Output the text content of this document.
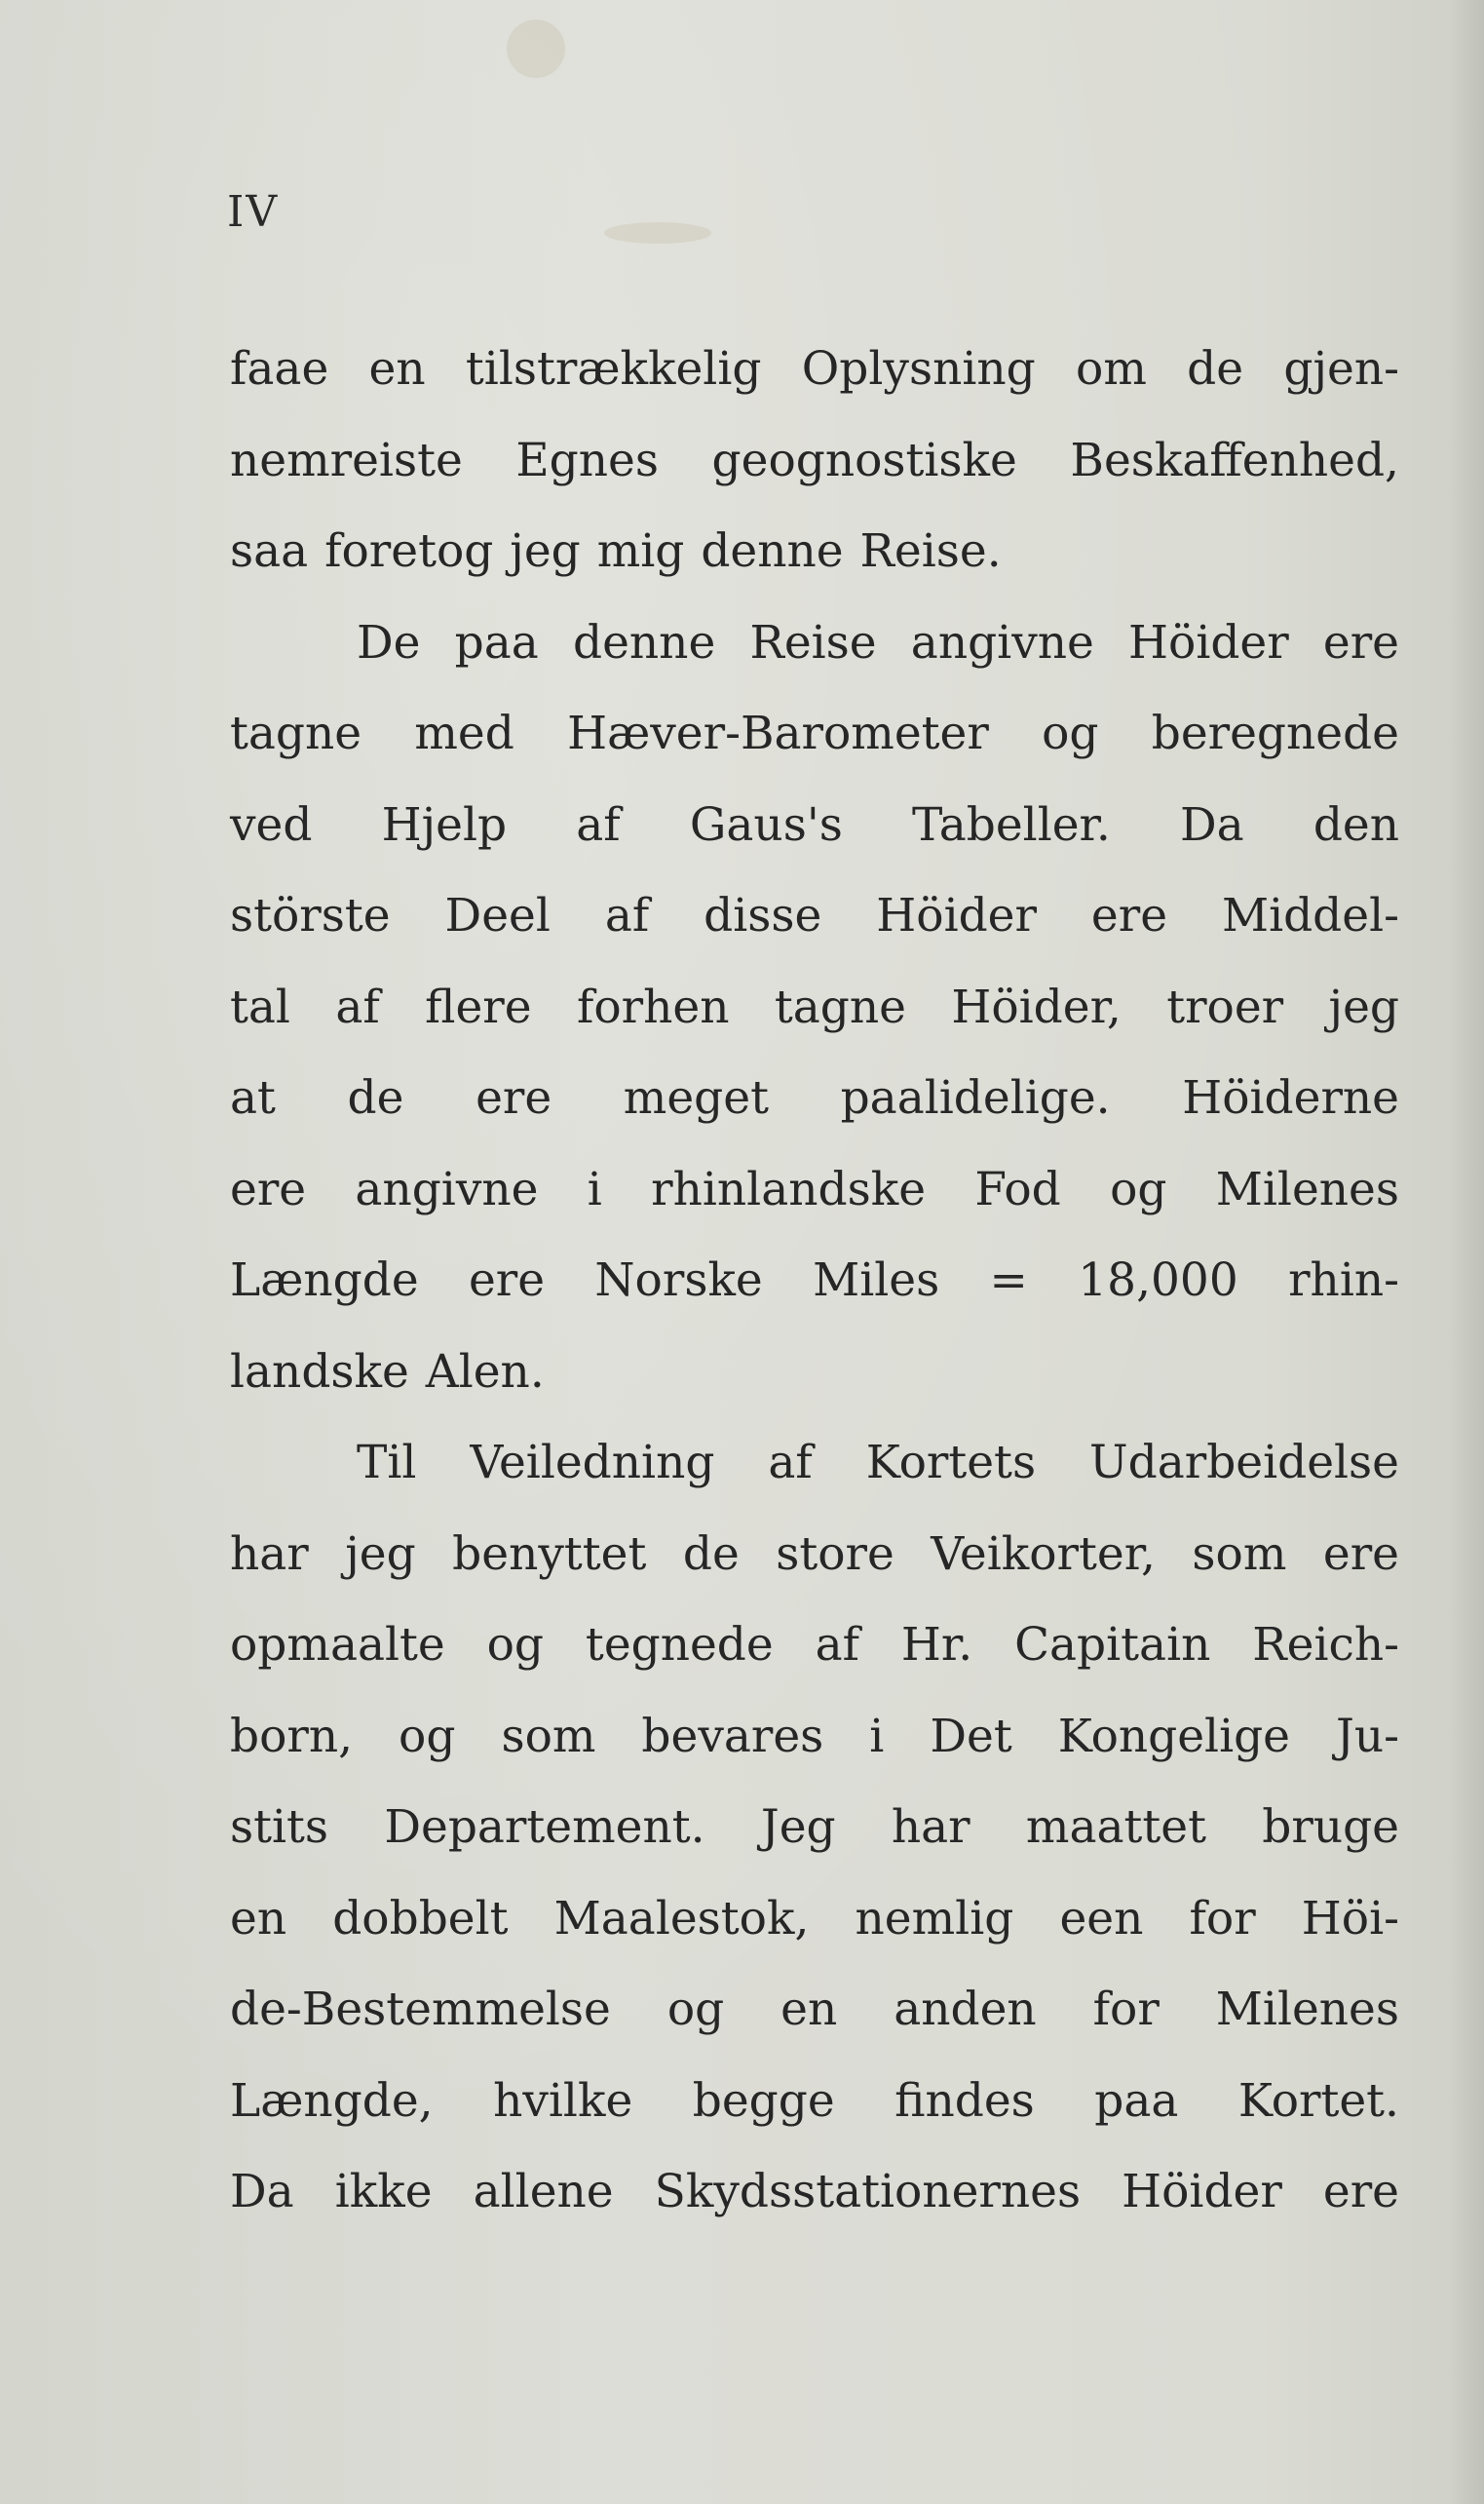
IV

faae en tilstrækkelig Oplysning om de gjen-
nemreiste Egnes geognostiske Beskaffenhed,
saa foretog jeg mig denne Reise.
De paa denne Reise angivne Höider ere
tagne med Hæver-Barometer og beregnede
ved Hjelp af Gaus's Tabeller. Da den
störste Deel af disse Höider ere Middel-
tal af flere forhen tagne Höider, troer jeg
at de ere meget paalidelige. Höiderne
ere angivne i rhinlandske Fod og Milenes
Længde ere Norske Miles = 18,000 rhin-
landske Alen.
Til Veiledning af Kortets Udarbeidelse
har jeg benyttet de store Veikorter, som ere
opmaalte og tegnede af Hr. Capitain Reich-
born, og som bevares i Det Kongelige Ju-
stits Departement. Jeg har maattet bruge
en dobbelt Maalestok, nemlig een for Höi-
de-Bestemmelse og en anden for Milenes
Længde, hvilke begge findes paa Kortet.
Da ikke allene Skydsstationernes Höider ere
